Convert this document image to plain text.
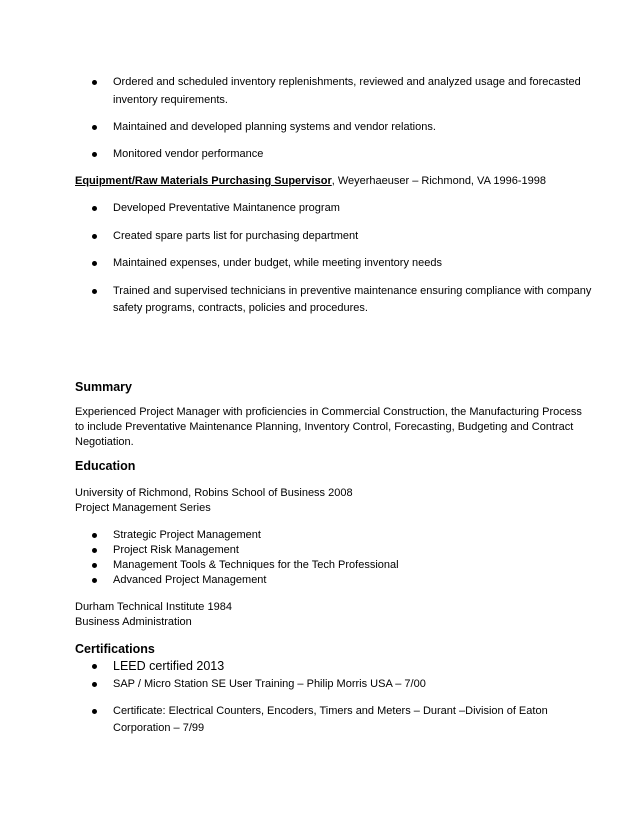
Ordered and scheduled inventory replenishments, reviewed and analyzed usage and forecasted
inventory requirements.
Maintained and developed planning systems and vendor relations.
Monitored vendor performance
Equipment/Raw Materials Purchasing Supervisor, Weyerhaeuser – Richmond, VA 1996-1998
Developed Preventative Maintanence program
Created spare parts list for purchasing department
Maintained expenses, under budget, while meeting inventory needs
Trained and supervised technicians in preventive maintenance ensuring compliance with company
safety programs, contracts, policies and procedures.
Summary
Experienced Project Manager with proficiencies in Commercial Construction, the Manufacturing Process
to include Preventative Maintenance Planning, Inventory Control, Forecasting, Budgeting and Contract
Negotiation.
Education
University of Richmond, Robins School of Business 2008
Project Management Series
Strategic Project Management
Project Risk Management
Management Tools & Techniques for the Tech Professional
Advanced Project Management
Durham Technical Institute 1984
Business Administration
Certifications
LEED certified 2013
SAP / Micro Station SE User Training – Philip Morris USA – 7/00
Certificate: Electrical Counters, Encoders, Timers and Meters – Durant –Division of Eaton
Corporation – 7/99
